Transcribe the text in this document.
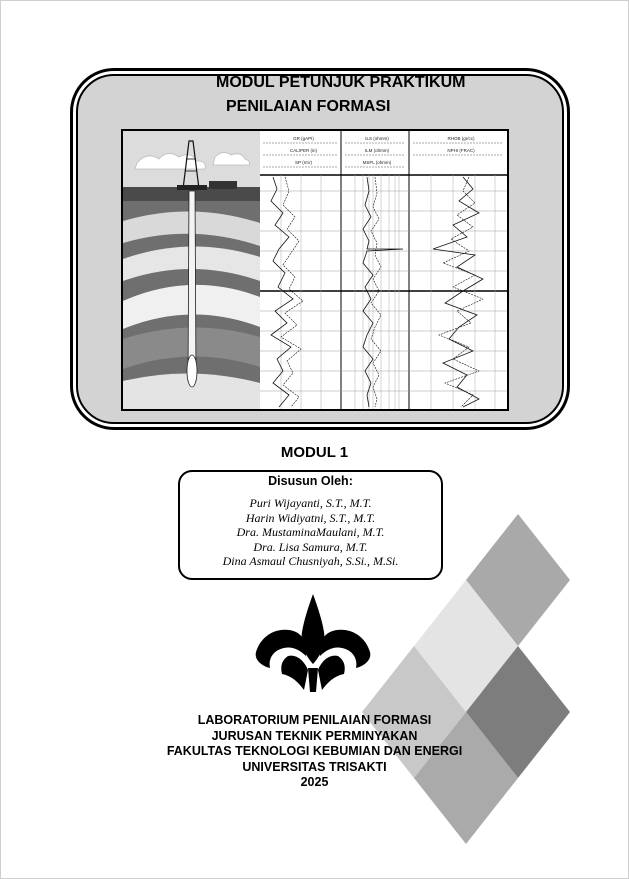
MODUL PETUNJUK PRAKTIKUM
PENILAIAN FORMASI
GR (gAPI)
CALIPER (in)
SP (mV)
ILS (ohmm)
ILM (ohmm)
MSFL (ohmm)
RHOB (gr/cc)
NPHI (FRAC)
MODUL 1
Disusun Oleh:
Puri Wijayanti, S.T., M.T.
Harin Widiyatni, S.T., M.T.
Dra. MustaminaMaulani, M.T.
Dra. Lisa Samura, M.T.
Dina Asmaul Chusniyah, S.Si., M.Si.
LABORATORIUM PENILAIAN FORMASI
JURUSAN TEKNIK PERMINYAKAN
FAKULTAS TEKNOLOGI KEBUMIAN DAN ENERGI
UNIVERSITAS TRISAKTI
2025
